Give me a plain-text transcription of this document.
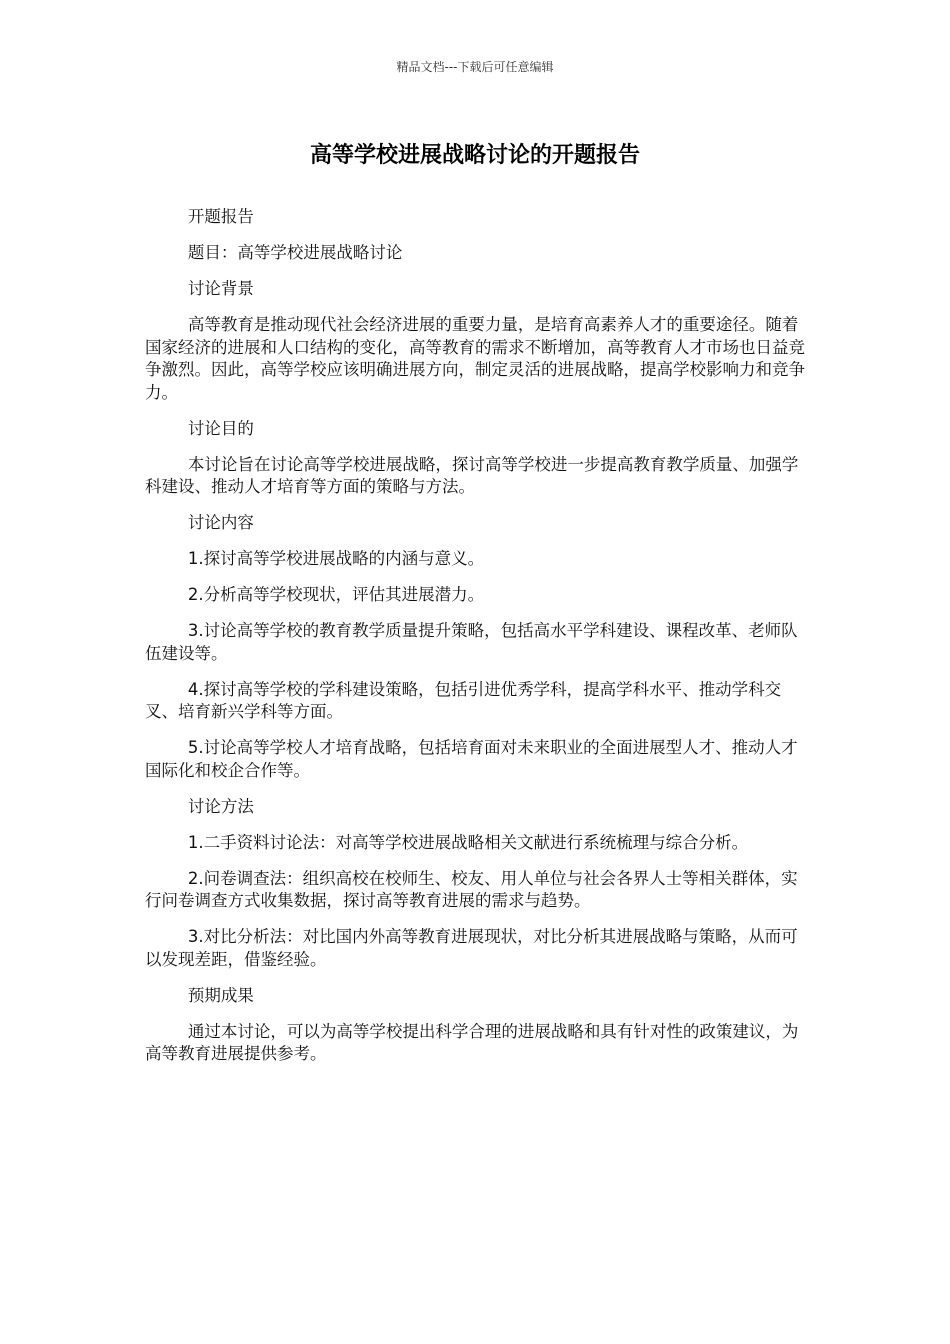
精品文档---下载后可任意编辑
高等学校进展战略讨论的开题报告

开题报告

题目：高等学校进展战略讨论

讨论背景

高等教育是推动现代社会经济进展的重要力量，是培育高素养人才的重要途径。随着国家经济的进展和人口结构的变化，高等教育的需求不断增加，高等教育人才市场也日益竞争激烈。因此，高等学校应该明确进展方向，制定灵活的进展战略，提高学校影响力和竞争力。

讨论目的

本讨论旨在讨论高等学校进展战略，探讨高等学校进一步提高教育教学质量、加强学科建设、推动人才培育等方面的策略与方法。

讨论内容

1.探讨高等学校进展战略的内涵与意义。

2.分析高等学校现状，评估其进展潜力。

3.讨论高等学校的教育教学质量提升策略，包括高水平学科建设、课程改革、老师队伍建设等。

4.探讨高等学校的学科建设策略，包括引进优秀学科，提高学科水平、推动学科交叉、培育新兴学科等方面。

5.讨论高等学校人才培育战略，包括培育面对未来职业的全面进展型人才、推动人才国际化和校企合作等。

讨论方法

1.二手资料讨论法：对高等学校进展战略相关文献进行系统梳理与综合分析。

2.问卷调查法：组织高校在校师生、校友、用人单位与社会各界人士等相关群体，实行问卷调查方式收集数据，探讨高等教育进展的需求与趋势。

3.对比分析法：对比国内外高等教育进展现状，对比分析其进展战略与策略，从而可以发现差距，借鉴经验。

预期成果

通过本讨论，可以为高等学校提出科学合理的进展战略和具有针对性的政策建议，为高等教育进展提供参考。
